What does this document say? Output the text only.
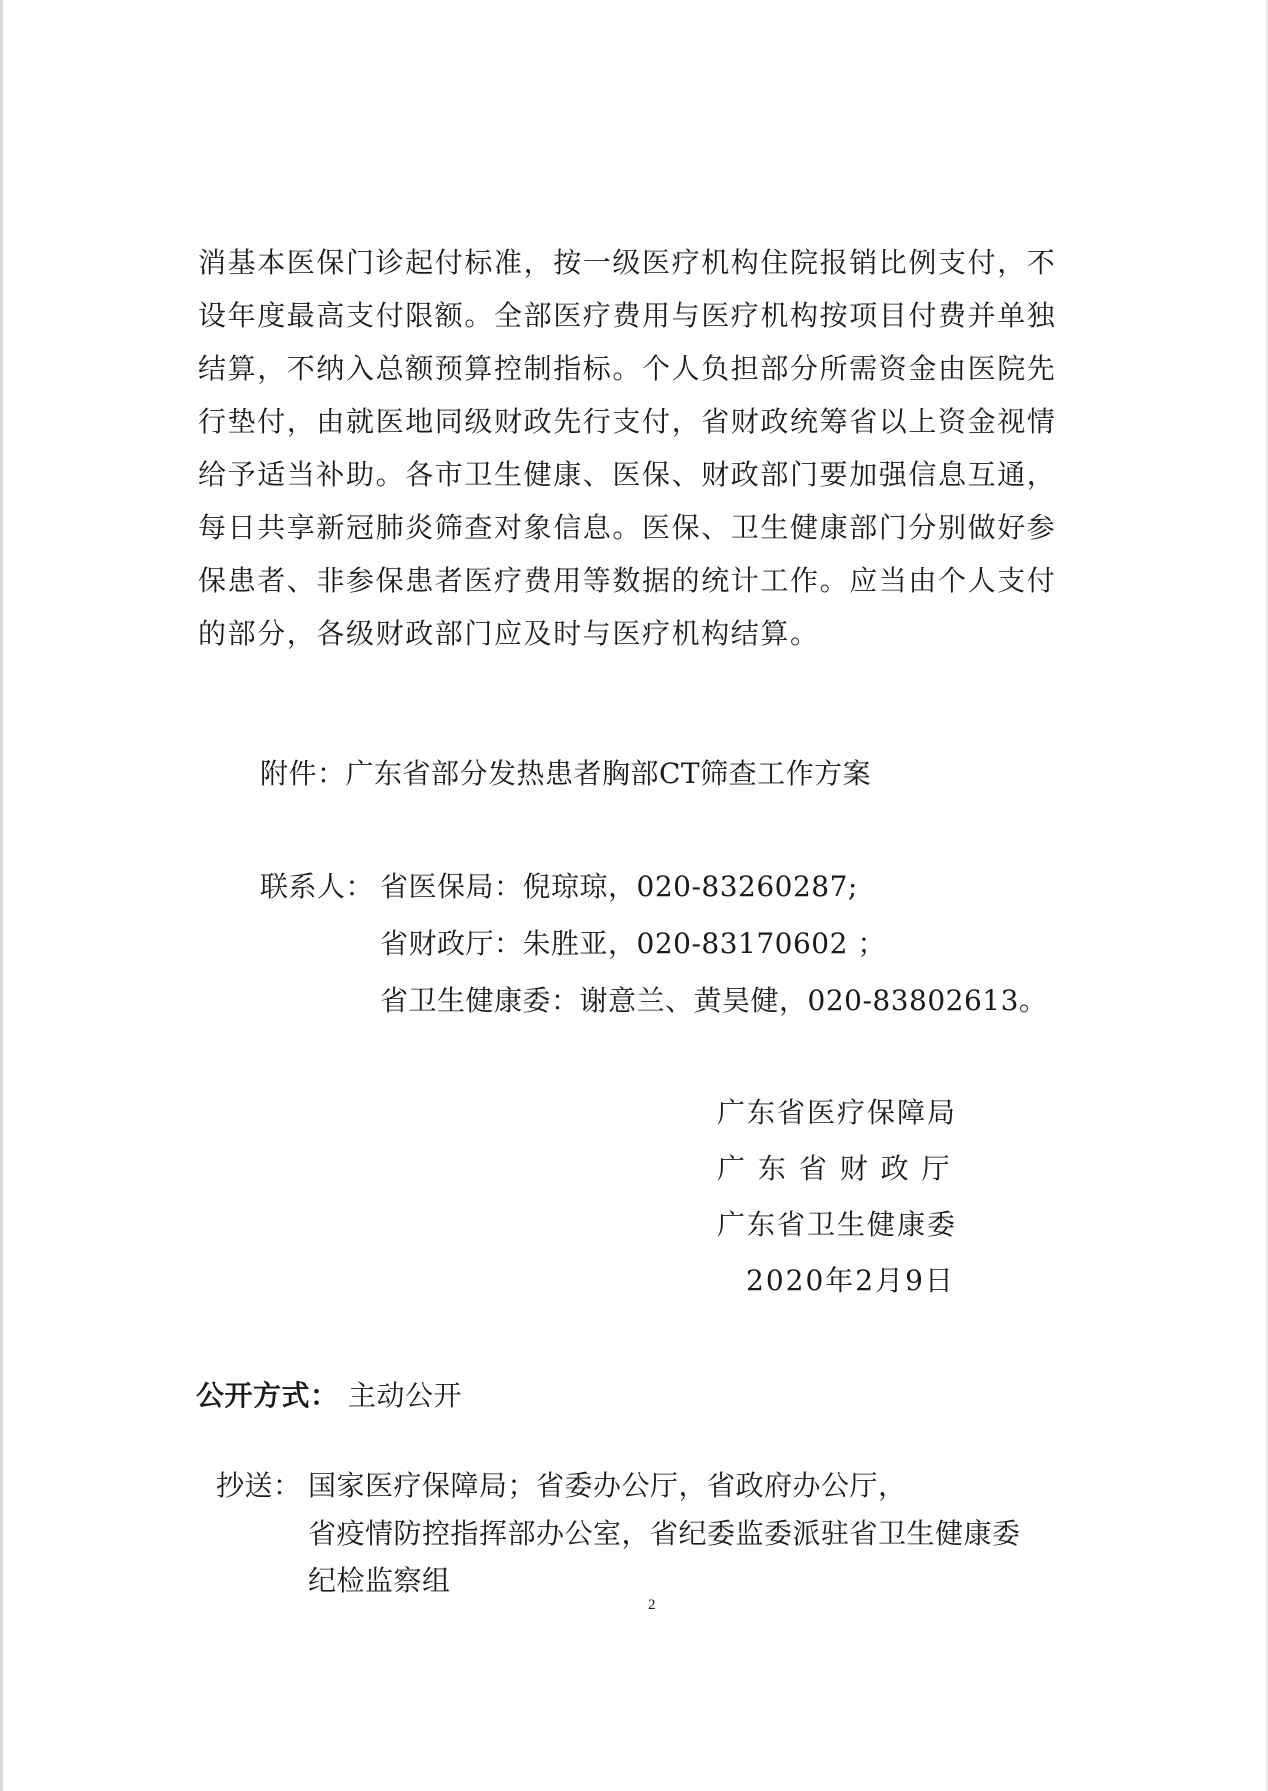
消基本医保门诊起付标准，按一级医疗机构住院报销比例支付，不
设年度最高支付限额。全部医疗费用与医疗机构按项目付费并单独
结算，不纳入总额预算控制指标。个人负担部分所需资金由医院先
行垫付，由就医地同级财政先行支付，省财政统筹省以上资金视情
给予适当补助。各市卫生健康、医保、财政部门要加强信息互通，
每日共享新冠肺炎筛查对象信息。医保、卫生健康部门分别做好参
保患者、非参保患者医疗费用等数据的统计工作。应当由个人支付
的部分，各级财政部门应及时与医疗机构结算。
附件：广东省部分发热患者胸部CT筛查工作方案
联系人： 省医保局：倪琼琼，020-83260287;
省财政厅：朱胜亚，020-83170602 ；
省卫生健康委：谢意兰、黄昊健，020-83802613。
广东省医疗保障局
广 东 省 财 政 厅
广东省卫生健康委
2020年2月9日
公开方式： 主动公开
抄送： 国家医疗保障局；省委办公厅，省政府办公厅，
省疫情防控指挥部办公室，省纪委监委派驻省卫生健康委
纪检监察组
2
